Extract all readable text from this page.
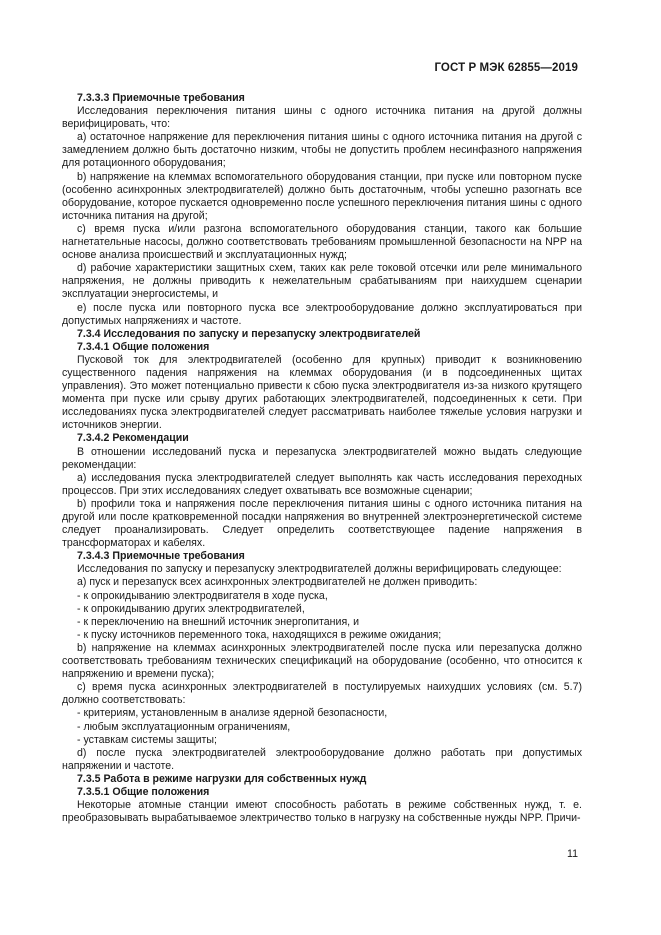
ГОСТ Р МЭК 62855—2019
7.3.3.3 Приемочные требования
Исследования переключения питания шины с одного источника питания на другой должны верифицировать, что:
a) остаточное напряжение для переключения питания шины с одного источника питания на другой с замедлением должно быть достаточно низким, чтобы не допустить проблем несинфазного напряжения для ротационного оборудования;
b) напряжение на клеммах вспомогательного оборудования станции, при пуске или повторном пуске (особенно асинхронных электродвигателей) должно быть достаточным, чтобы успешно разогнать все оборудование, которое пускается одновременно после успешного переключения питания шины с одного источника питания на другой;
c) время пуска и/или разгона вспомогательного оборудования станции, такого как большие нагнетательные насосы, должно соответствовать требованиям промышленной безопасности на NPP на основе анализа происшествий и эксплуатационных нужд;
d) рабочие характеристики защитных схем, таких как реле токовой отсечки или реле минимального напряжения, не должны приводить к нежелательным срабатываниям при наихудшем сценарии эксплуатации энергосистемы, и
e) после пуска или повторного пуска все электрооборудование должно эксплуатироваться при допустимых напряжениях и частоте.
7.3.4 Исследования по запуску и перезапуску электродвигателей
7.3.4.1 Общие положения
Пусковой ток для электродвигателей (особенно для крупных) приводит к возникновению существенного падения напряжения на клеммах оборудования (и в подсоединенных щитах управления). Это может потенциально привести к сбою пуска электродвигателя из-за низкого крутящего момента при пуске или срыву других работающих электродвигателей, подсоединенных к сети. При исследованиях пуска электродвигателей следует рассматривать наиболее тяжелые условия нагрузки и источников энергии.
7.3.4.2 Рекомендации
В отношении исследований пуска и перезапуска электродвигателей можно выдать следующие рекомендации:
a) исследования пуска электродвигателей следует выполнять как часть исследования переходных процессов. При этих исследованиях следует охватывать все возможные сценарии;
b) профили тока и напряжения после переключения питания шины с одного источника питания на другой или после кратковременной посадки напряжения во внутренней электроэнергетической системе следует проанализировать. Следует определить соответствующее падение напряжения в трансформаторах и кабелях.
7.3.4.3 Приемочные требования
Исследования по запуску и перезапуску электродвигателей должны верифицировать следующее:
a) пуск и перезапуск всех асинхронных электродвигателей не должен приводить:
- к опрокидыванию электродвигателя в ходе пуска,
- к опрокидыванию других электродвигателей,
- к переключению на внешний источник энергопитания, и
- к пуску источников переменного тока, находящихся в режиме ожидания;
b) напряжение на клеммах асинхронных электродвигателей после пуска или перезапуска должно соответствовать требованиям технических спецификаций на оборудование (особенно, что относится к напряжению и времени пуска);
c) время пуска асинхронных электродвигателей в постулируемых наихудших условиях (см. 5.7) должно соответствовать:
- критериям, установленным в анализе ядерной безопасности,
- любым эксплуатационным ограничениям,
- уставкам системы защиты;
d) после пуска электродвигателей электрооборудование должно работать при допустимых напряжении и частоте.
7.3.5 Работа в режиме нагрузки для собственных нужд
7.3.5.1 Общие положения
Некоторые атомные станции имеют способность работать в режиме собственных нужд, т. е. преобразовывать вырабатываемое электричество только в нагрузку на собственные нужды NPP. Причи-
11
